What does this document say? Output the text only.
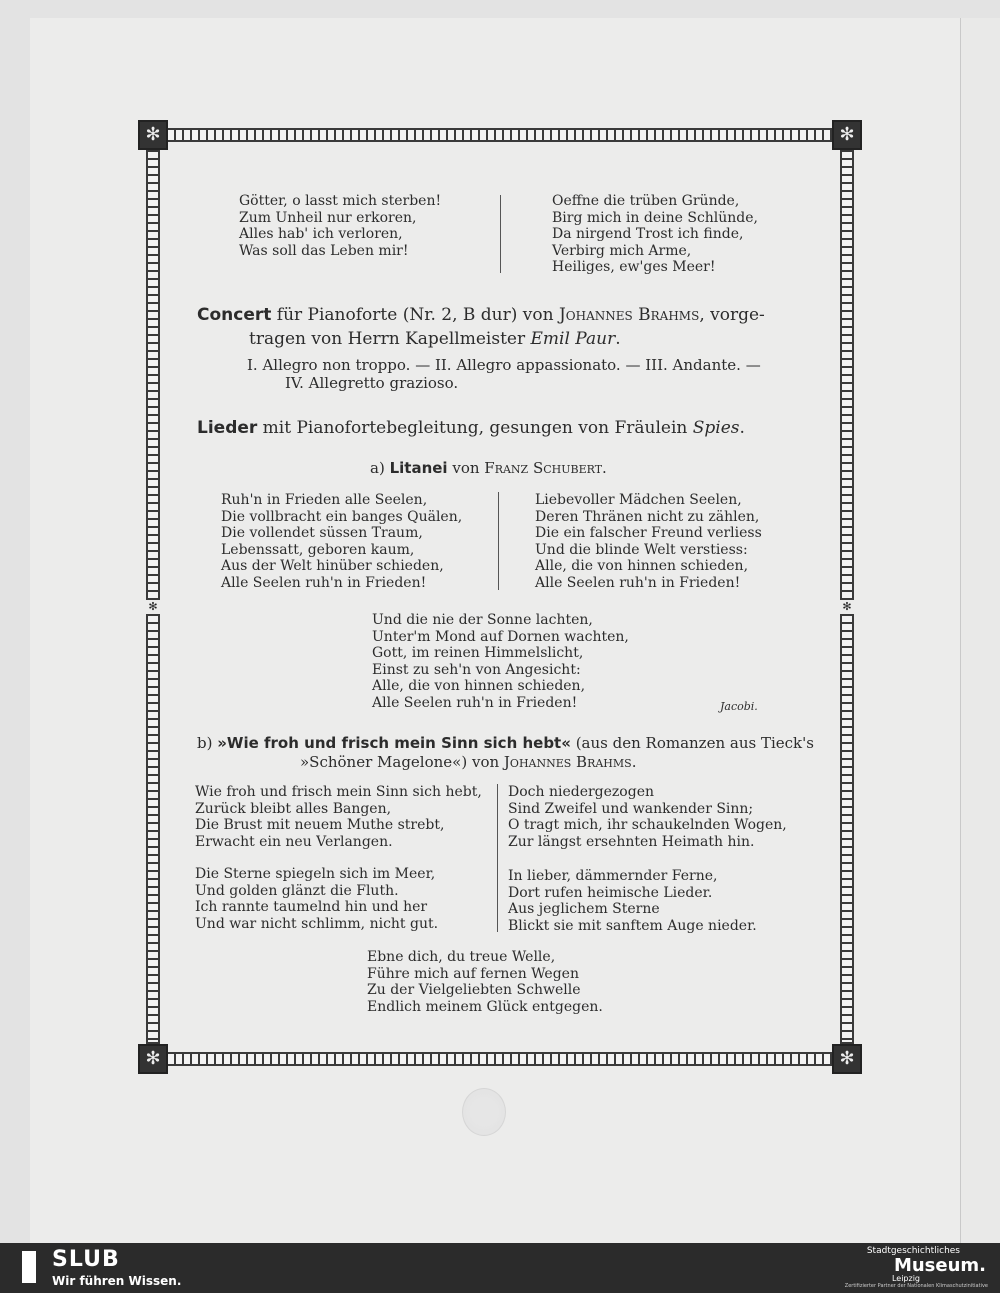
✻
✻
✻
✻
✻	✻
Götter, o lasst mich sterben!
Zum Unheil nur erkoren,
Alles hab' ich verloren,
Was soll das Leben mir!
Oeffne die trüben Gründe,
Birg mich in deine Schlünde,
Da nirgend Trost ich finde,
Verbirg mich Arme,
Heiliges, ew'ges Meer!
Concert für Pianoforte (Nr. 2, B dur) von Johannes Brahms, vorge-
tragen von Herrn Kapellmeister Emil Paur.
I. Allegro non troppo. — II. Allegro appassionato. — III. Andante. —
IV. Allegretto grazioso.
Lieder mit Pianofortebegleitung, gesungen von Fräulein Spies.
a) Litanei von Franz Schubert.
Ruh'n in Frieden alle Seelen,
Die vollbracht ein banges Quälen,
Die vollendet süssen Traum,
Lebenssatt, geboren kaum,
Aus der Welt hinüber schieden,
Alle Seelen ruh'n in Frieden!
Liebevoller Mädchen Seelen,
Deren Thränen nicht zu zählen,
Die ein falscher Freund verliess
Und die blinde Welt verstiess:
Alle, die von hinnen schieden,
Alle Seelen ruh'n in Frieden!
Und die nie der Sonne lachten,
Unter'm Mond auf Dornen wachten,
Gott, im reinen Himmelslicht,
Einst zu seh'n von Angesicht:
Alle, die von hinnen schieden,
Alle Seelen ruh'n in Frieden!	Jacobi.
b) »Wie froh und frisch mein Sinn sich hebt« (aus den Romanzen aus Tieck's
»Schöner Magelone«) von Johannes Brahms.
Wie froh und frisch mein Sinn sich hebt,
Zurück bleibt alles Bangen,
Die Brust mit neuem Muthe strebt,
Erwacht ein neu Verlangen.
Die Sterne spiegeln sich im Meer,
Und golden glänzt die Fluth.
Ich rannte taumelnd hin und her
Und war nicht schlimm, nicht gut.
Doch niedergezogen
Sind Zweifel und wankender Sinn;
O tragt mich, ihr schaukelnden Wogen,
Zur längst ersehnten Heimath hin.
In lieber, dämmernder Ferne,
Dort rufen heimische Lieder.
Aus jeglichem Sterne
Blickt sie mit sanftem Auge nieder.
Ebne dich, du treue Welle,
Führe mich auf fernen Wegen
Zu der Vielgeliebten Schwelle
Endlich meinem Glück entgegen.
SLUB
Wir führen Wissen.
Stadtgeschichtliches
Museum.
Leipzig
Zertifizierter Partner der Nationalen Klimaschutzinitiative
